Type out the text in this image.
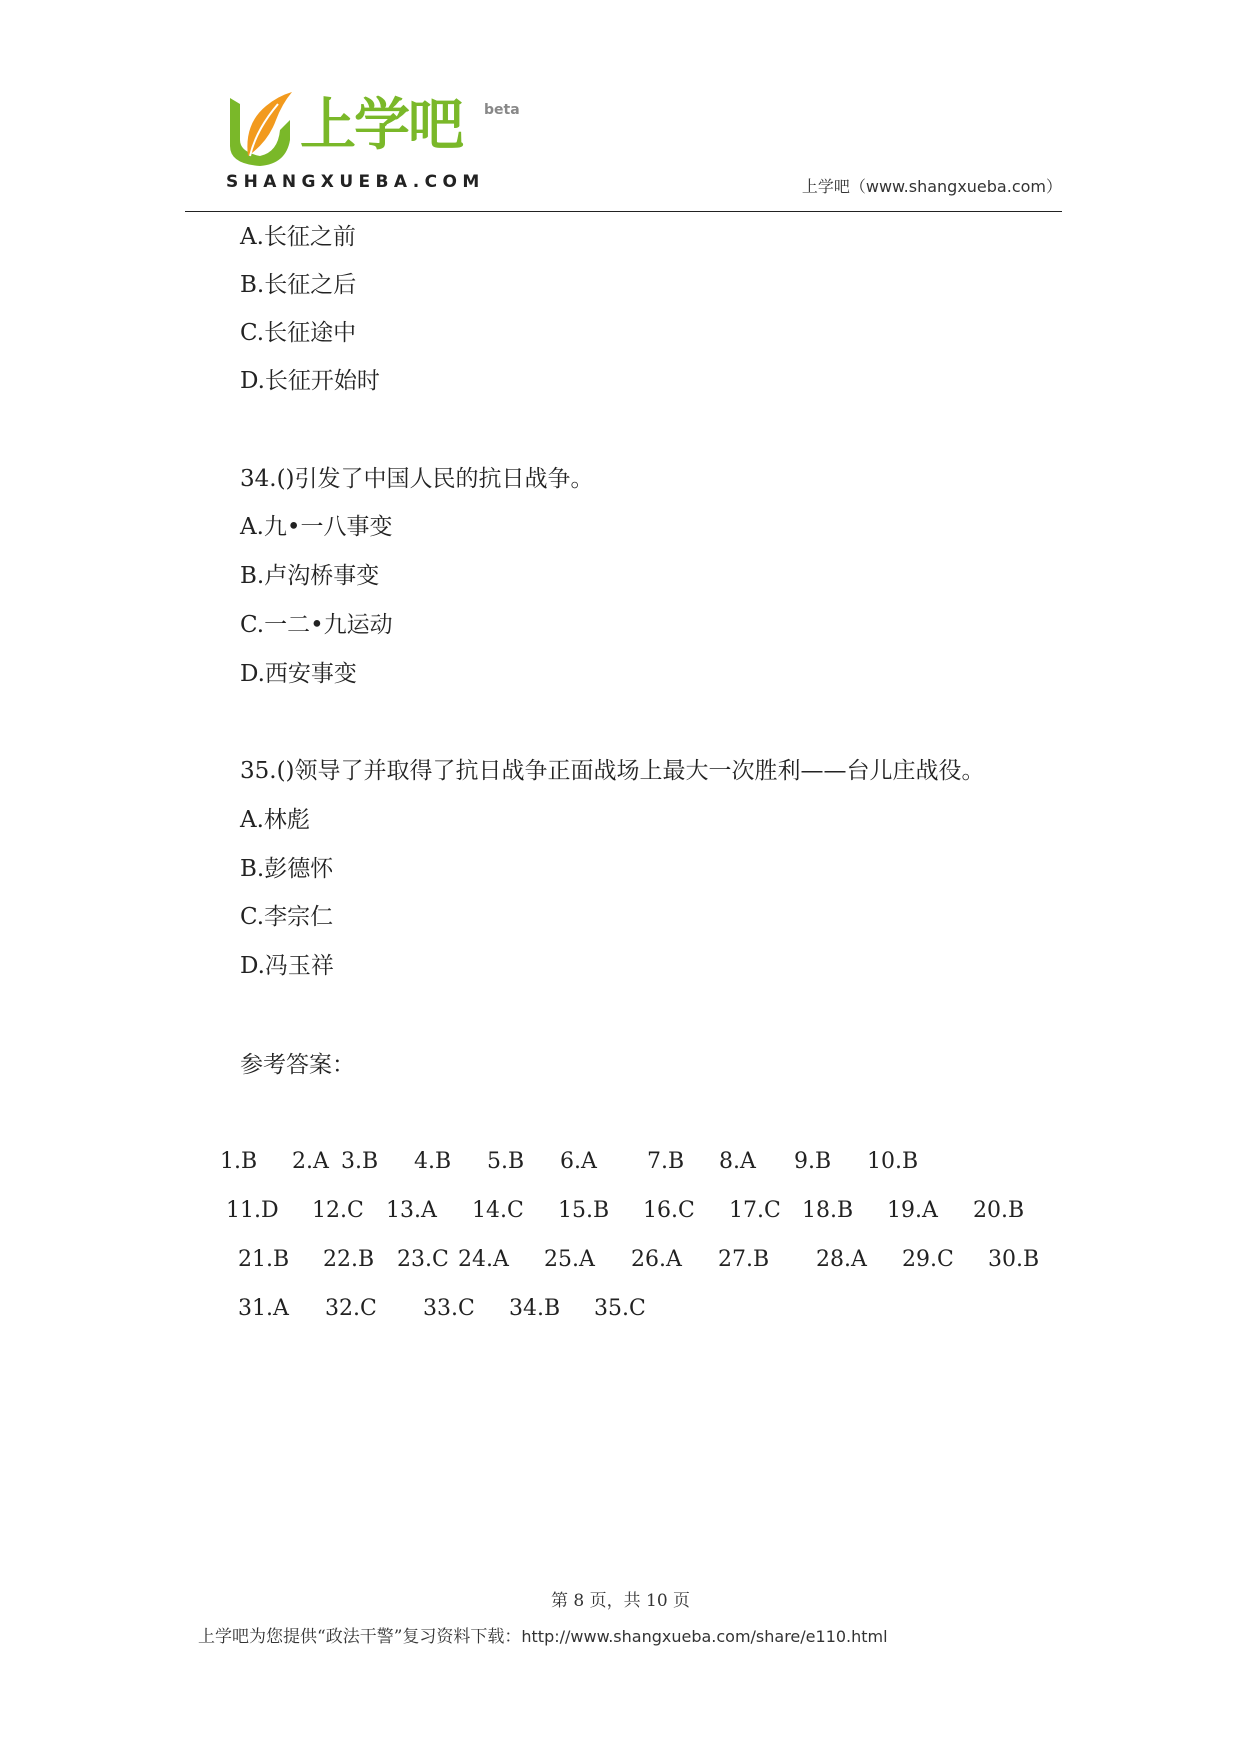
上学吧 beta
SHANGXUEBA.COM	上学吧（www.shangxueba.com）
A.长征之前
B.长征之后
C.长征途中
D.长征开始时
34.()引发了中国人民的抗日战争。
A.九•一八事变
B.卢沟桥事变
C.一二•九运动
D.西安事变
35.()领导了并取得了抗日战争正面战场上最大一次胜利——台儿庄战役。
A.林彪
B.彭德怀
C.李宗仁
D.冯玉祥
参考答案：
1.B 2.A 3.B 4.B 5.B 6.A 7.B 8.A 9.B 10.B
11.D 12.C 13.A 14.C 15.B 16.C 17.C 18.B 19.A 20.B
21.B 22.B 23.C 24.A 25.A 26.A 27.B 28.A 29.C 30.B
31.A 32.C 33.C 34.B 35.C
第 8 页，共 10 页
上学吧为您提供“政法干警”复习资料下载：http://www.shangxueba.com/share/e110.html
